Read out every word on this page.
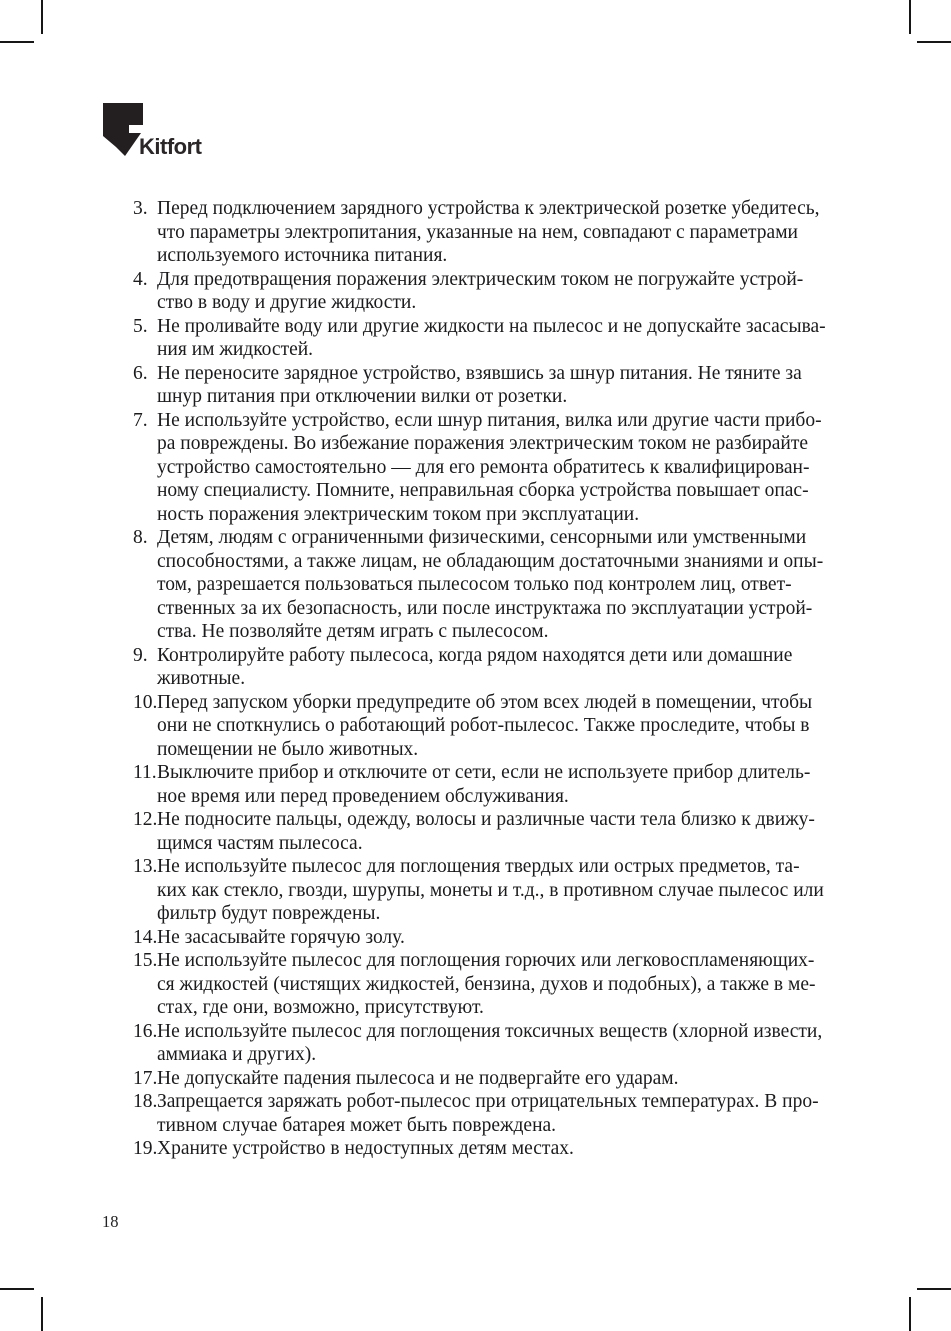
Kitfort
3. Перед подключением зарядного устройства к электрической розетке убедитесь,
что параметры электропитания, указанные на нем, совпадают с параметрами
используемого источника питания.
4. Для предотвращения поражения электрическим током не погружайте устрой-
ство в воду и другие жидкости.
5. Не проливайте воду или другие жидкости на пылесос и не допускайте засасыва-
ния им жидкостей.
6. Не переносите зарядное устройство, взявшись за шнур питания. Не тяните за
шнур питания при отключении вилки от розетки.
7. Не используйте устройство, если шнур питания, вилка или другие части прибо-
ра повреждены. Во избежание поражения электрическим током не разбирайте
устройство самостоятельно — для его ремонта обратитесь к квалифицирован-
ному специалисту. Помните, неправильная сборка устройства повышает опас-
ность поражения электрическим током при эксплуатации.
8. Детям, людям с ограниченными физическими, сенсорными или умственными
способностями, а также лицам, не обладающим достаточными знаниями и опы-
том, разрешается пользоваться пылесосом только под контролем лиц, ответ-
ственных за их безопасность, или после инструктажа по эксплуатации устрой-
ства. Не позволяйте детям играть с пылесосом.
9. Контролируйте работу пылесоса, когда рядом находятся дети или домашние
животные.
10. Перед запуском уборки предупредите об этом всех людей в помещении, чтобы
они не споткнулись о работающий робот-пылесос. Также проследите, чтобы в
помещении не было животных.
11. Выключите прибор и отключите от сети, если не используете прибор длитель-
ное время или перед проведением обслуживания.
12. Не подносите пальцы, одежду, волосы и различные части тела близко к движу-
щимся частям пылесоса.
13. Не используйте пылесос для поглощения твердых или острых предметов, та-
ких как стекло, гвозди, шурупы, монеты и т.д., в противном случае пылесос или
фильтр будут повреждены.
14. Не засасывайте горячую золу.
15. Не используйте пылесос для поглощения горючих или легковоспламеняющих-
ся жидкостей (чистящих жидкостей, бензина, духов и подобных), а также в ме-
стах, где они, возможно, присутствуют.
16. Не используйте пылесос для поглощения токсичных веществ (хлорной извести,
аммиака и других).
17. Не допускайте падения пылесоса и не подвергайте его ударам.
18. Запрещается заряжать робот-пылесос при отрицательных температурах. В про-
тивном случае батарея может быть повреждена.
19. Храните устройство в недоступных детям местах.
18
